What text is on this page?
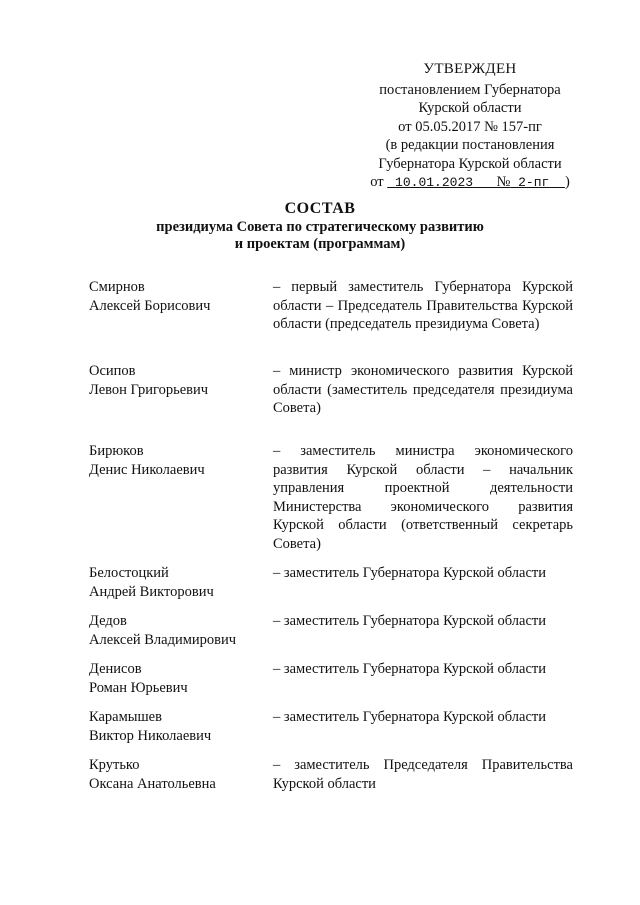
УТВЕРЖДЕН
постановлением Губернатора
Курской области
от 05.05.2017 № 157-пг
(в редакции постановления
Губернатора Курской области
от 10.01.2023 № 2-пг )
СОСТАВ
президиума Совета по стратегическому развитию
и проектам (программам)
Смирнов
Алексей Борисович
– первый заместитель Губернатора Курской области – Председатель Правительства Курской области (председатель президиума Совета)
Осипов
Левон Григорьевич
– министр экономического развития Курской области (заместитель председателя президиума Совета)
Бирюков
Денис Николаевич
– заместитель министра экономического развития Курской области – начальник управления проектной деятельности Министерства экономического развития Курской области (ответственный секретарь Совета)
Белостоцкий
Андрей Викторович
– заместитель Губернатора Курской области
Дедов
Алексей Владимирович
– заместитель Губернатора Курской области
Денисов
Роман Юрьевич
– заместитель Губернатора Курской области
Карамышев
Виктор Николаевич
– заместитель Губернатора Курской области
Крутько
Оксана Анатольевна
– заместитель Председателя Правительства Курской области
